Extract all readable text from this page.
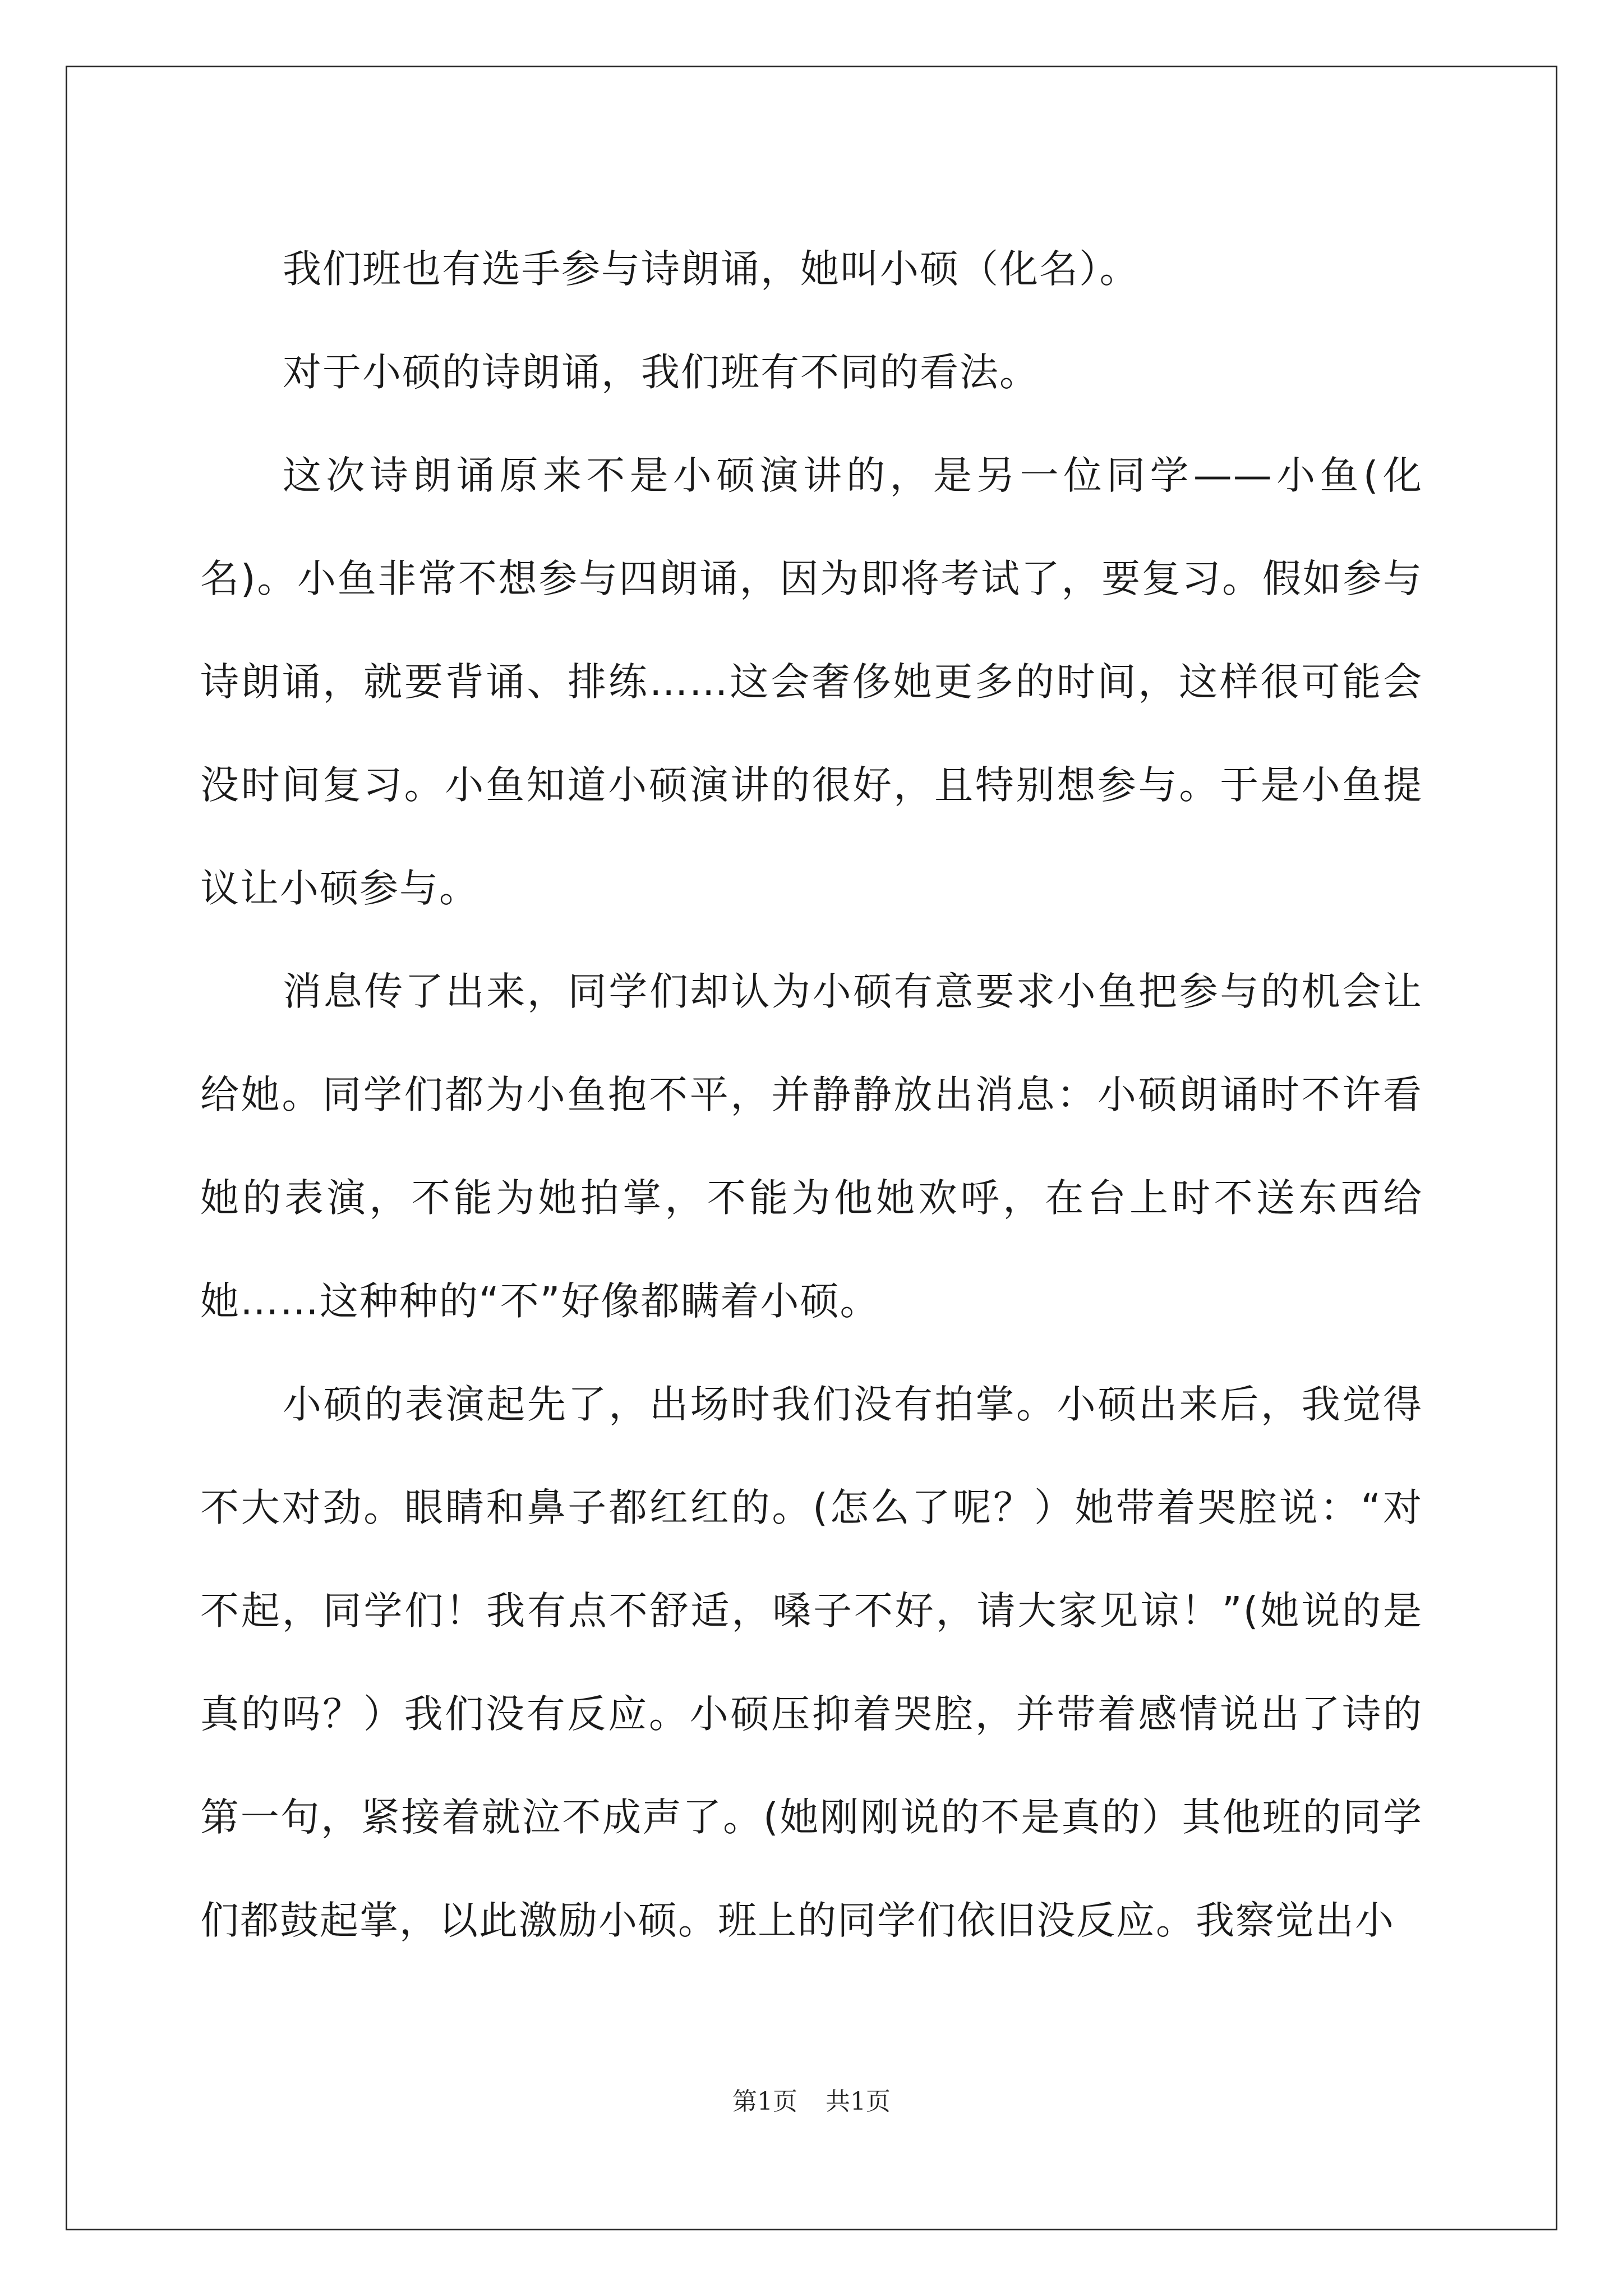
我们班也有选手参与诗朗诵，她叫小硕（化名）。

对于小硕的诗朗诵，我们班有不同的看法。

这次诗朗诵原来不是小硕演讲的，是另一位同学——小鱼(化名)。小鱼非常不想参与四朗诵，因为即将考试了，要复习。假如参与诗朗诵，就要背诵、排练……这会奢侈她更多的时间，这样很可能会没时间复习。小鱼知道小硕演讲的很好，且特别想参与。于是小鱼提议让小硕参与。

消息传了出来，同学们却认为小硕有意要求小鱼把参与的机会让给她。同学们都为小鱼抱不平，并静静放出消息：小硕朗诵时不许看她的表演，不能为她拍掌，不能为他她欢呼，在台上时不送东西给她……这种种的“不”好像都瞒着小硕。

小硕的表演起先了，出场时我们没有拍掌。小硕出来后，我觉得不大对劲。眼睛和鼻子都红红的。(怎么了呢？）她带着哭腔说：“对不起，同学们！我有点不舒适，嗓子不好，请大家见谅！”(她说的是真的吗？）我们没有反应。小硕压抑着哭腔，并带着感情说出了诗的第一句，紧接着就泣不成声了。(她刚刚说的不是真的）其他班的同学们都鼓起掌，以此激励小硕。班上的同学们依旧没反应。我察觉出小

第1页 共1页
